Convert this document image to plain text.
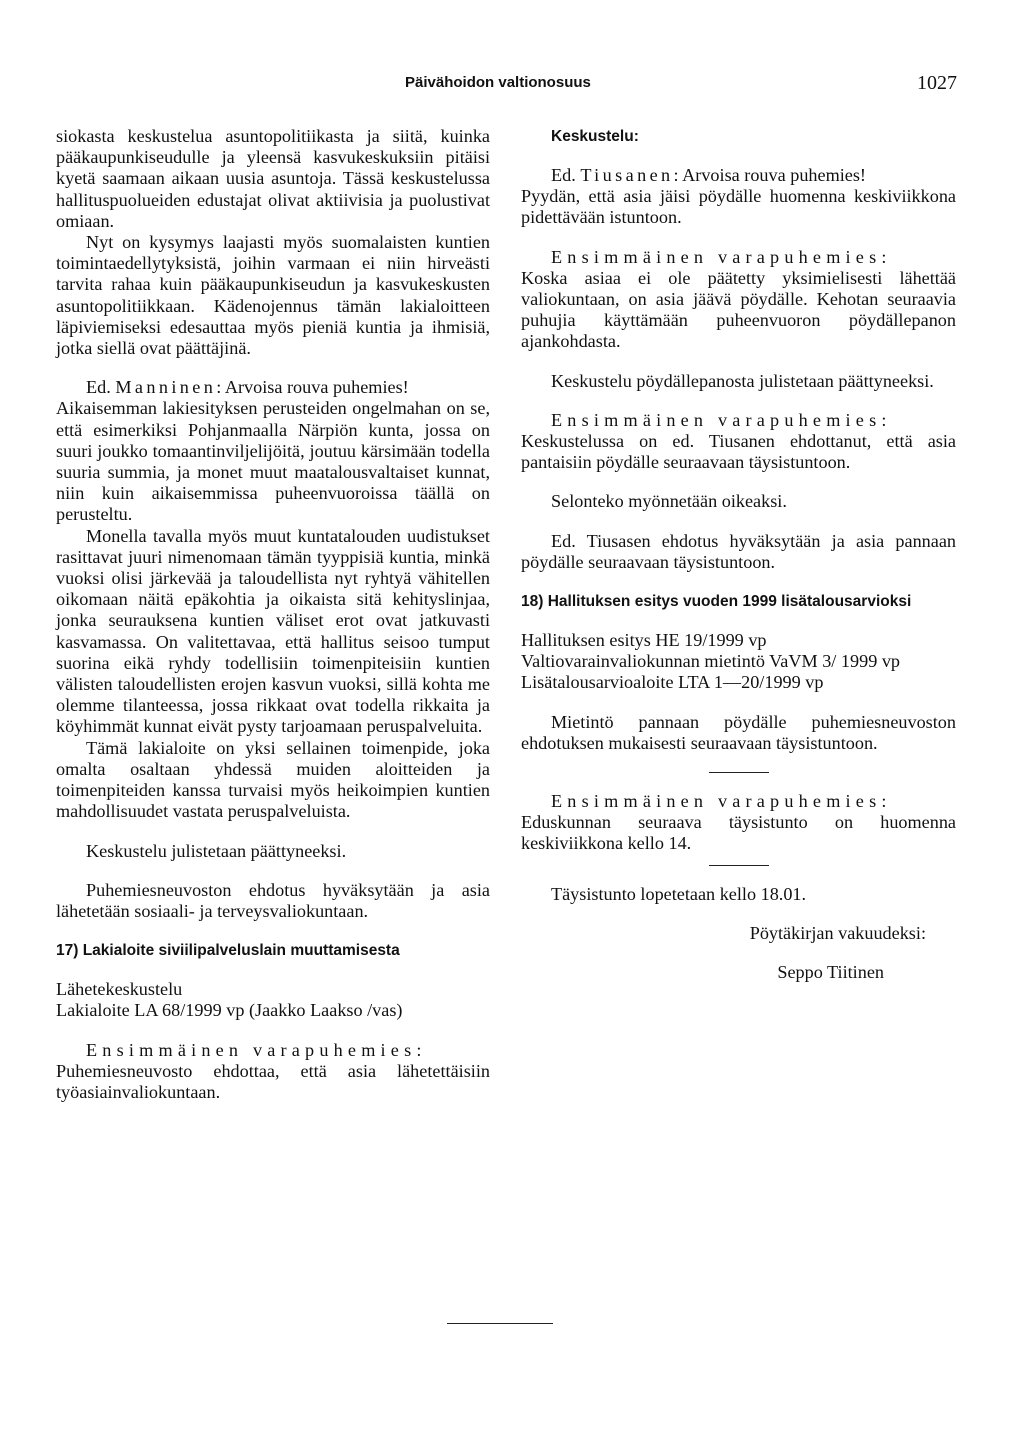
Päivähoidon valtionosuus	1027

siokasta keskustelua asuntopolitiikasta ja siitä, kuinka pääkaupunkiseudulle ja yleensä kasvukeskuksiin pitäisi kyetä saamaan aikaan uusia asuntoja. Tässä keskustelussa hallituspuolueiden edustajat olivat aktiivisia ja puolustivat omiaan.

Nyt on kysymys laajasti myös suomalaisten kuntien toimintaedellytyksistä, joihin varmaan ei niin hirveästi tarvita rahaa kuin pääkaupunkiseudun ja kasvukeskusten asuntopolitiikkaan. Kädenojennus tämän lakialoitteen läpiviemiseksi edesauttaa myös pieniä kuntia ja ihmisiä, jotka siellä ovat päättäjinä.

Ed. Manninen: Arvoisa rouva puhemies!

Aikaisemman lakiesityksen perusteiden ongelmahan on se, että esimerkiksi Pohjanmaalla Närpiön kunta, jossa on suuri joukko tomaantinviljelijöitä, joutuu kärsimään todella suuria summia, ja monet muut maatalousvaltaiset kunnat, niin kuin aikaisemmissa puheenvuoroissa täällä on perusteltu.

Monella tavalla myös muut kuntatalouden uudistukset rasittavat juuri nimenomaan tämän tyyppisiä kuntia, minkä vuoksi olisi järkevää ja taloudellista nyt ryhtyä vähitellen oikomaan näitä epäkohtia ja oikaista sitä kehityslinjaa, jonka seurauksena kuntien väliset erot ovat jatkuvasti kasvamassa. On valitettavaa, että hallitus seisoo tumput suorina eikä ryhdy todellisiin toimenpiteisiin kuntien välisten taloudellisten erojen kasvun vuoksi, sillä kohta me olemme tilanteessa, jossa rikkaat ovat todella rikkaita ja köyhimmät kunnat eivät pysty tarjoamaan peruspalveluita.

Tämä lakialoite on yksi sellainen toimenpide, joka omalta osaltaan yhdessä muiden aloitteiden ja toimenpiteiden kanssa turvaisi myös heikoimpien kuntien mahdollisuudet vastata peruspalveluista.

Keskustelu julistetaan päättyneeksi.

Puhemiesneuvoston ehdotus hyväksytään ja asia lähetetään sosiaali- ja terveysvaliokuntaan.

17) Lakialoite siviilipalveluslain muuttamisesta

Lähetekeskustelu

Lakialoite LA 68/1999 vp (Jaakko Laakso /vas)

Ensimmäinen varapuhemies:

Puhemiesneuvosto ehdottaa, että asia lähetettäisiin työasiainvaliokuntaan.

Keskustelu:

Ed. Tiusanen: Arvoisa rouva puhemies!

Pyydän, että asia jäisi pöydälle huomenna keskiviikkona pidettävään istuntoon.

Ensimmäinen varapuhemies:

Koska asiaa ei ole päätetty yksimielisesti lähettää valiokuntaan, on asia jäävä pöydälle. Kehotan seuraavia puhujia käyttämään puheenvuoron pöydällepanon ajankohdasta.

Keskustelu pöydällepanosta julistetaan päättyneeksi.

Ensimmäinen varapuhemies:

Keskustelussa on ed. Tiusanen ehdottanut, että asia pantaisiin pöydälle seuraavaan täysistuntoon.

Selonteko myönnetään oikeaksi.

Ed. Tiusasen ehdotus hyväksytään ja asia pannaan pöydälle seuraavaan täysistuntoon.

18) Hallituksen esitys vuoden 1999 lisätalousarvioksi

Hallituksen esitys HE 19/1999 vp

Valtiovarainvaliokunnan mietintö VaVM 3/ 1999 vp

Lisätalousarvioaloite LTA 1—20/1999 vp

Mietintö pannaan pöydälle puhemiesneuvoston ehdotuksen mukaisesti seuraavaan täysistuntoon.

Ensimmäinen varapuhemies:

Eduskunnan seuraava täysistunto on huomenna keskiviikkona kello 14.

Täysistunto lopetetaan kello 18.01.

Pöytäkirjan vakuudeksi:

Seppo Tiitinen
